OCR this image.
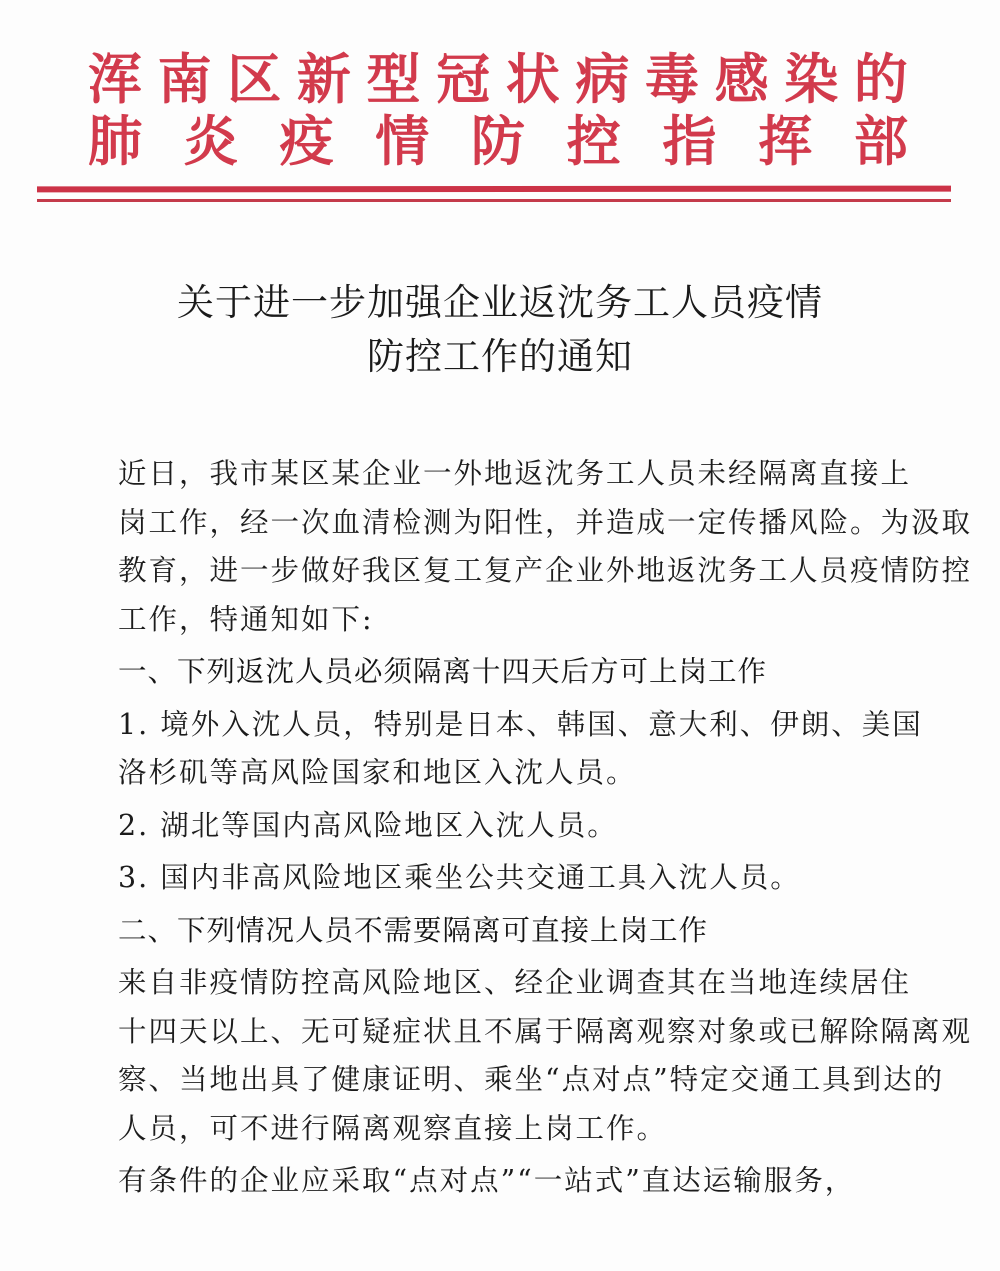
浑 南 区 新 型 冠 状 病 毒 感 染 的
肺 炎 疫 情 防 控 指 挥 部
关于进一步加强企业返沈务工人员疫情
防控工作的通知
近日，我市某区某企业一外地返沈务工人员未经隔离直接上
岗工作，经一次血清检测为阳性，并造成一定传播风险。为汲取
教育，进一步做好我区复工复产企业外地返沈务工人员疫情防控
工作，特通知如下:
一、下列返沈人员必须隔离十四天后方可上岗工作
1. 境外入沈人员，特别是日本、韩国、意大利、伊朗、美国
洛杉矶等高风险国家和地区入沈人员。
2. 湖北等国内高风险地区入沈人员。
3. 国内非高风险地区乘坐公共交通工具入沈人员。
二、下列情况人员不需要隔离可直接上岗工作
来自非疫情防控高风险地区、经企业调查其在当地连续居住
十四天以上、无可疑症状且不属于隔离观察对象或已解除隔离观
察、当地出具了健康证明、乘坐“点对点”特定交通工具到达的
人员，可不进行隔离观察直接上岗工作。
有条件的企业应采取“点对点”“一站式”直达运输服务，
